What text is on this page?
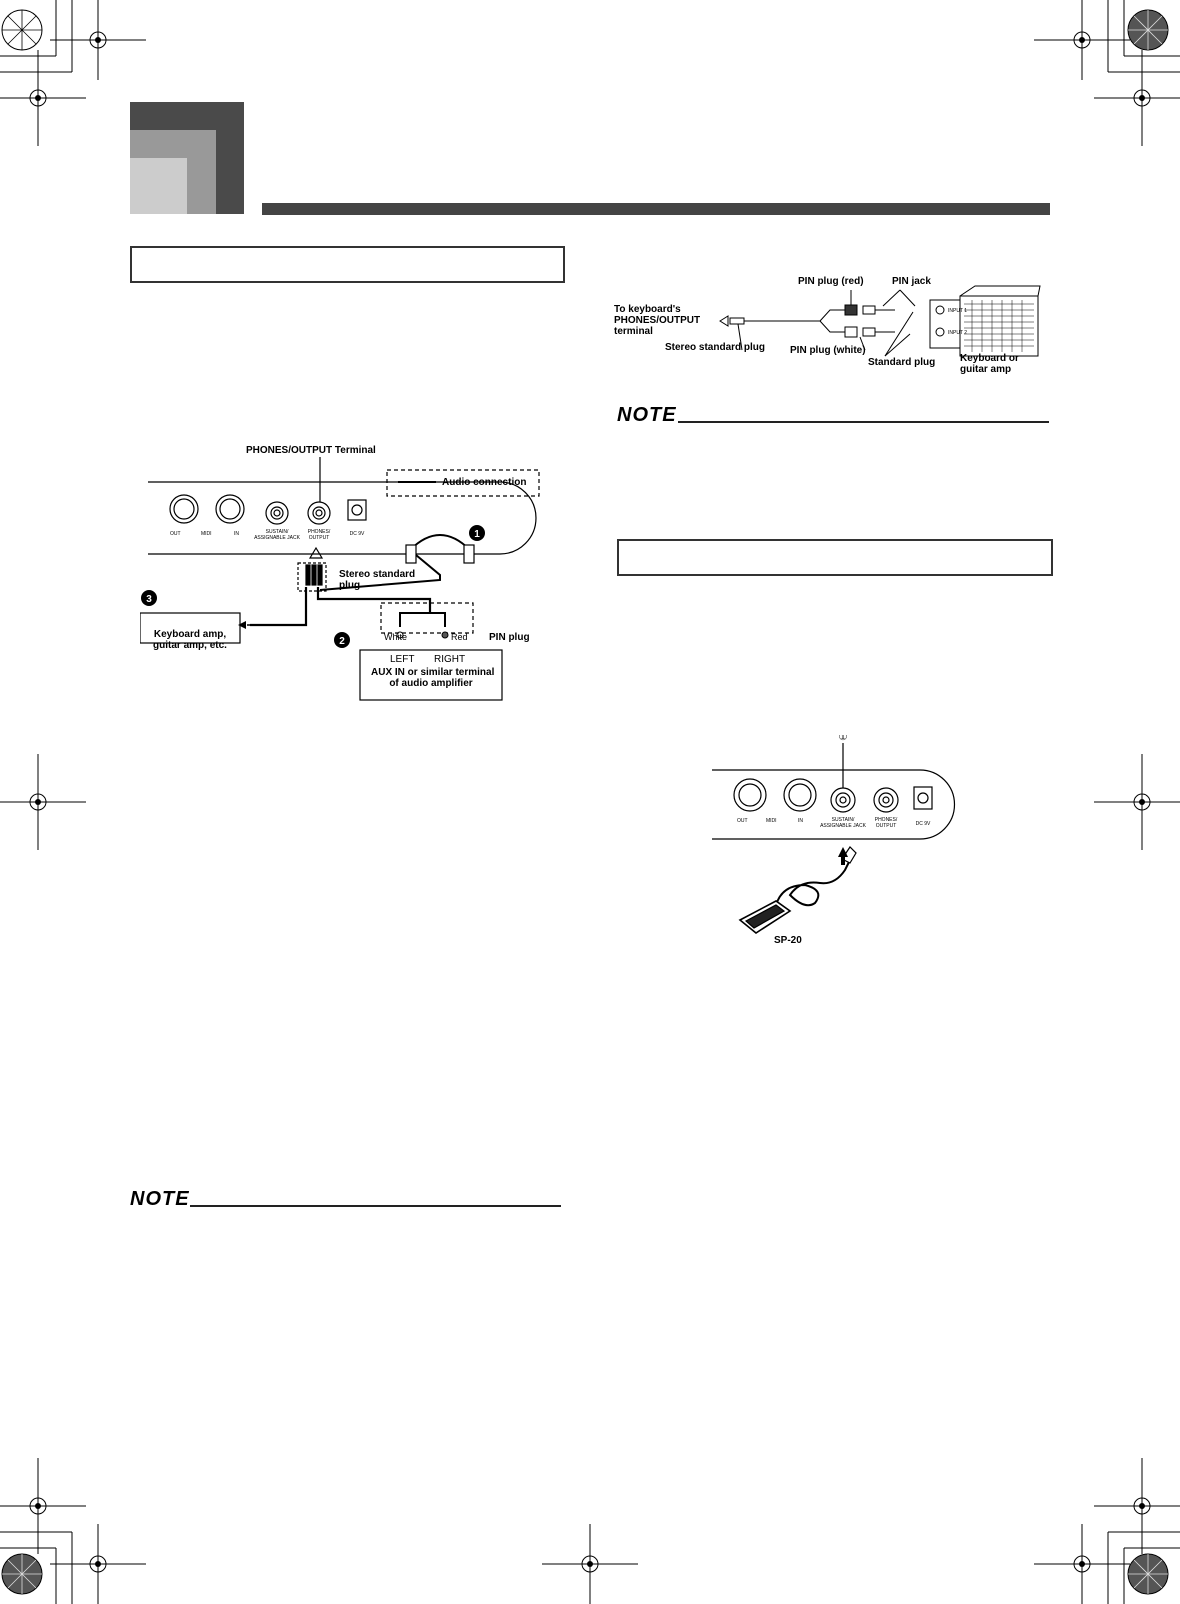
1
2
3
OUT	MIDI	IN	SUSTAIN/
ASSIGNABLE JACK
PHONES/
OUTPUT
DC 9V
PHONES/OUTPUT Terminal
Audio connection
Stereo standard
plug
PIN plug
White	Red
LEFT RIGHT
AUX IN or similar terminal
of audio amplifier
Keyboard amp,
guitar amp, etc.
INPUT 1
INPUT 2
PIN plug (red)	PIN jack
To keyboard's
PHONES/OUTPUT
terminal
Stereo standard plug PIN plug (white)
Standard plug Keyboard or
guitar amp
NOTE
NOTE
①
OUT	MIDI	IN	SUSTAIN/
ASSIGNABLE JACK
PHONES/
OUTPUT	DC 9V
SP-20
